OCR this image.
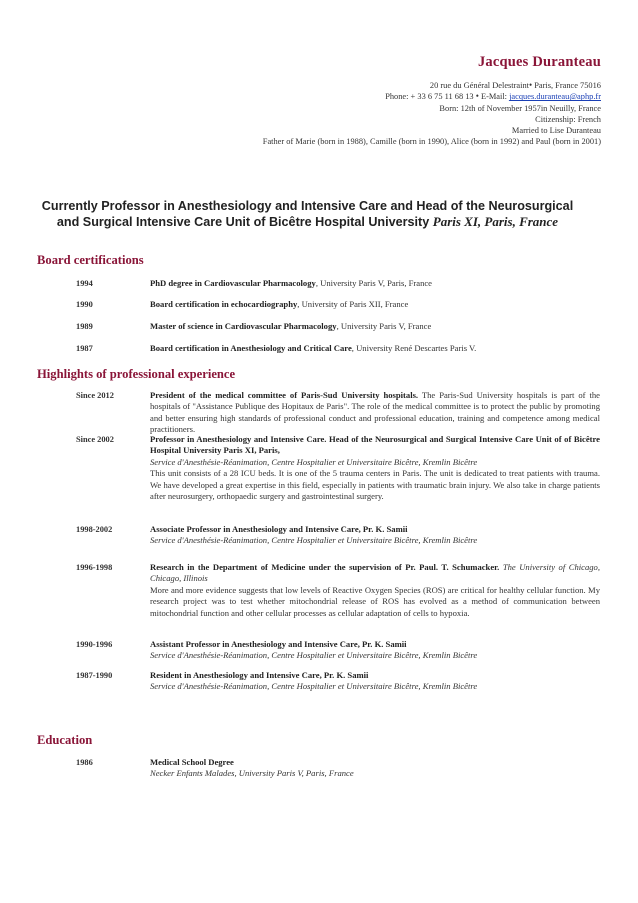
Jacques Duranteau
20 rue du Général Delestraint• Paris, France 75016
Phone: + 33 6 75 11 68 13 • E-Mail: jacques.duranteau@aphp.fr
Born: 12th of November 1957in Neuilly, France
Citizenship: French
Married to Lise Duranteau
Father of Marie (born in 1988), Camille (born in 1990), Alice (born in 1992) and Paul (born in 2001)
Currently Professor in Anesthesiology and Intensive Care and Head of the Neurosurgical and Surgical Intensive Care Unit of Bicêtre Hospital University Paris XI, Paris, France
Board certifications
1994	PhD degree in Cardiovascular Pharmacology, University Paris V, Paris, France
1990	Board certification in echocardiography, University of Paris XII, France
1989	Master of science in Cardiovascular Pharmacology, University Paris V, France
1987	Board certification in Anesthesiology and Critical Care, University René Descartes Paris V.
Highlights of professional experience
Since 2012	President of the medical committee of Paris-Sud University hospitals. The Paris-Sud University hospitals is part of the hospitals of "Assistance Publique des Hopitaux de Paris". The role of the medical committee is to protect the public by promoting and better ensuring high standards of professional conduct and professional education, training and competence among medical practitioners.
Since 2002	Professor in Anesthesiology and Intensive Care. Head of the Neurosurgical and Surgical Intensive Care Unit of of Bicêtre Hospital University Paris XI, Paris,
Service d'Anesthésie-Réanimation, Centre Hospitalier et Universitaire Bicêtre, Kremlin Bicêtre
This unit consists of a 28 ICU beds. It is one of the 5 trauma centers in Paris. The unit is dedicated to treat patients with trauma. We have developed a great expertise in this field, especially in patients with traumatic brain injury. We also take in charge patients after neurosurgery, orthopaedic surgery and gastrointestinal surgery.
1998-2002	Associate Professor in Anesthesiology and Intensive Care, Pr. K. Samii
Service d'Anesthésie-Réanimation, Centre Hospitalier et Universitaire Bicêtre, Kremlin Bicêtre
1996-1998	Research in the Department of Medicine under the supervision of Pr. Paul. T. Schumacker. The University of Chicago, Chicago, Illinois
More and more evidence suggests that low levels of Reactive Oxygen Species (ROS) are critical for healthy cellular function. My research project was to test whether mitochondrial release of ROS has evolved as a method of communication between mitochondrial function and other cellular processes as cellular adaptation of cells to hypoxia.
1990-1996	Assistant Professor in Anesthesiology and Intensive Care, Pr. K. Samii
Service d'Anesthésie-Réanimation, Centre Hospitalier et Universitaire Bicêtre, Kremlin Bicêtre
1987-1990	Resident in Anesthesiology and Intensive Care, Pr. K. Samii
Service d'Anesthésie-Réanimation, Centre Hospitalier et Universitaire Bicêtre, Kremlin Bicêtre
Education
1986	Medical School Degree
Necker Enfants Malades, University Paris V, Paris, France
